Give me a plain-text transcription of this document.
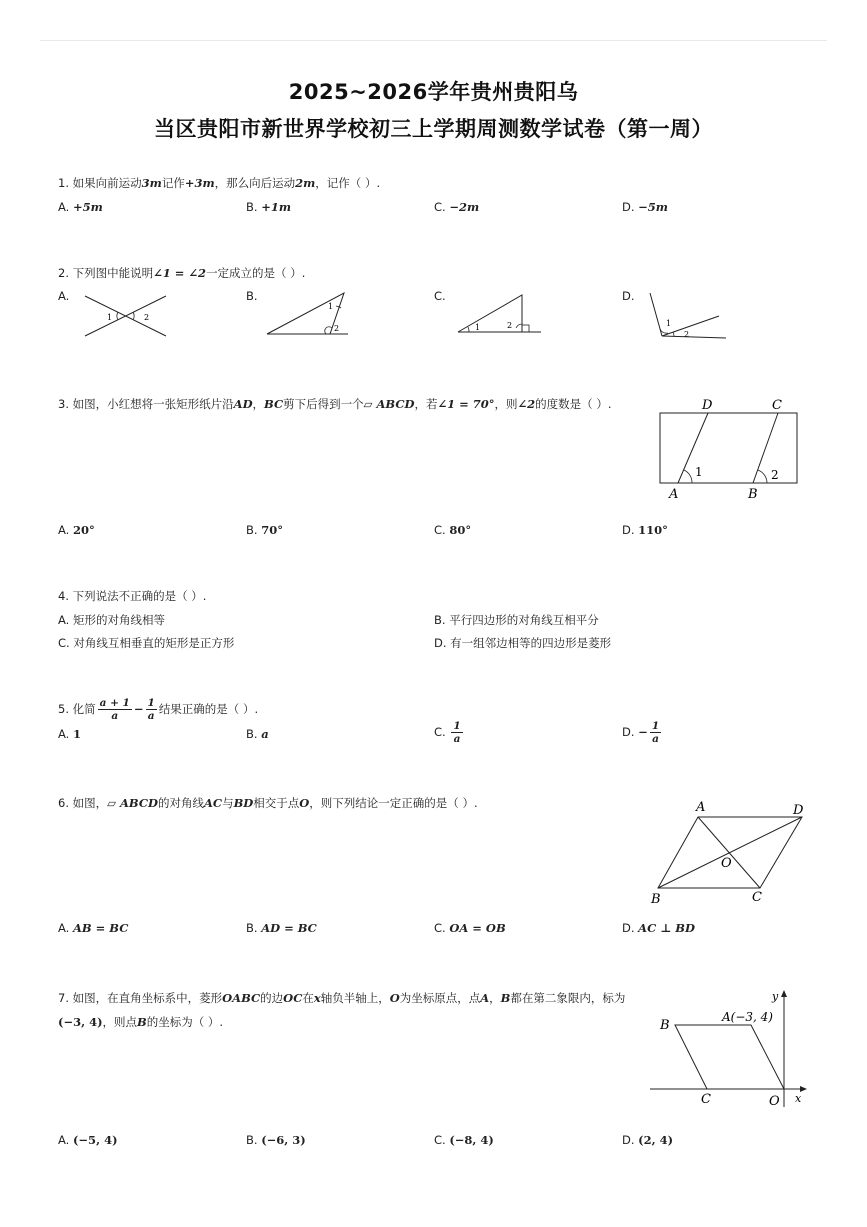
2025~2026学年贵州贵阳乌
当区贵阳市新世界学校初三上学期周测数学试卷（第一周）
1. 如果向前运动3m记作+3m，那么向后运动2m，记作（ ）.
A. +5m	B. +1m	C. −2m	D. −5m
2. 下列图中能说明∠1 = ∠2一定成立的是（ ）.
A.	B.	C.	D.
1	2
1
2	1	2	1
2
3. 如图，小红想将一张矩形纸片沿AD，BC剪下后得到一个▱ ABCD，若∠1 = 70°，则∠2的度数是（ ）.	D	C
A	B
1	2
A. 20°	B. 70°	C. 80°	D. 110°
4. 下列说法不正确的是（ ）.
A. 矩形的对角线相等	B. 平行四边形的对角线互相平分
C. 对角线互相垂直的矩形是正方形	D. 有一组邻边相等的四边形是菱形
5. 化简 $\frac{a + 1}{a} - \frac{1}{a}$ 结果正确的是（ ）.
A. 1	B. a	C. $\frac{1}{a}$	D. − $\frac{1}{a}$
6. 如图，▱ ABCD的对角线AC与BD相交于点O，则下列结论一定正确的是（ ）.	A	D
O
B	C
A. AB = BC	B. AD = BC	C. OA = OB	D. AC ⊥ BD
7. 如图，在直角坐标系中，菱形OABC的边OC在x轴负半轴上，O为坐标原点，点A，B都在第二象限内，标为
(−3, 4)，则点B的坐标为（ ）.
y
x
B
A(−3, 4)
C	O
A. (−5, 4)	B. (−6, 3)	C. (−8, 4)	D. (2, 4)
